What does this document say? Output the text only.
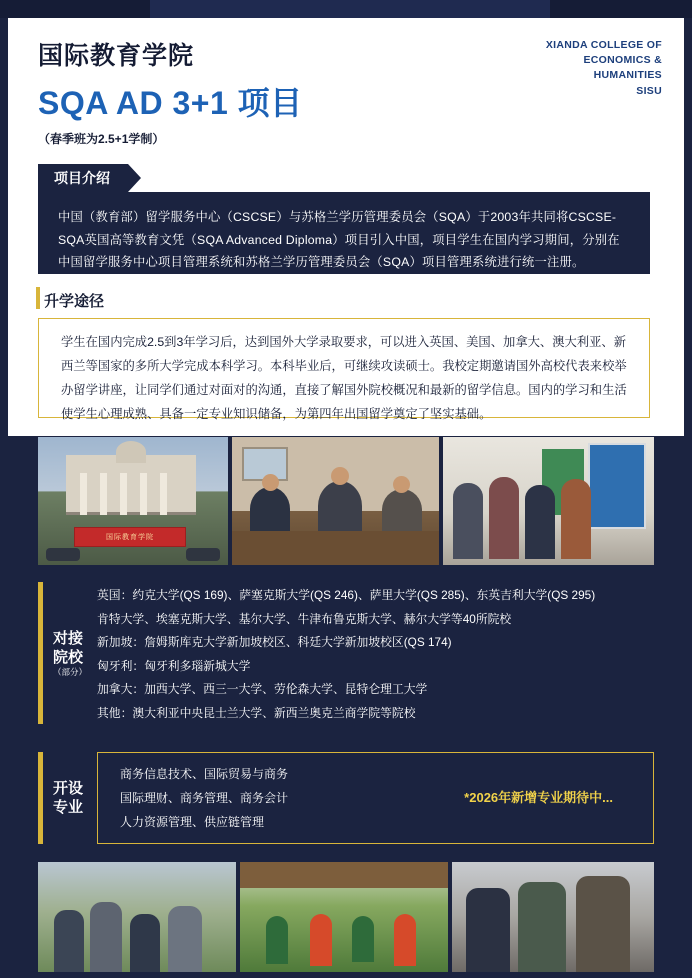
国际教育学院
SQA AD 3+1 项目
（春季班为2.5+1学制）
XIANDA COLLEGE OF
ECONOMICS &
HUMANITIES
SISU
项目介绍
中国（教育部）留学服务中心（CSCSE）与苏格兰学历管理委员会（SQA）于2003年共同将CSCSE-SQA英国高等教育文凭（SQA Advanced Diploma）项目引入中国，项目学生在国内学习期间，分别在中国留学服务中心项目管理系统和苏格兰学历管理委员会（SQA）项目管理系统进行统一注册。
升学途径
学生在国内完成2.5到3年学习后，达到国外大学录取要求，可以进入英国、美国、加拿大、澳大利亚、新西兰等国家的多所大学完成本科学习。本科毕业后，可继续攻读硕士。我校定期邀请国外高校代表来校举办留学讲座，让同学们通过对面对的沟通，直接了解国外院校概况和最新的留学信息。国内的学习和生活使学生心理成熟、具备一定专业知识储备，为第四年出国留学奠定了坚实基础。
国际教育学院
对接院校
（部分）
英国：约克大学(QS 169)、萨塞克斯大学(QS 246)、萨里大学(QS 285)、东英吉利大学(QS 295)
肯特大学、埃塞克斯大学、基尔大学、牛津布鲁克斯大学、赫尔大学等40所院校
新加坡：詹姆斯库克大学新加坡校区、科廷大学新加坡校区(QS 174)
匈牙利：匈牙利多瑙新城大学
加拿大：加西大学、西三一大学、劳伦森大学、昆特仑理工大学
其他：澳大利亚中央昆士兰大学、新西兰奥克兰商学院等院校
开设专业
商务信息技术、国际贸易与商务
国际理财、商务管理、商务会计
人力资源管理、供应链管理
*2026年新增专业期待中...
